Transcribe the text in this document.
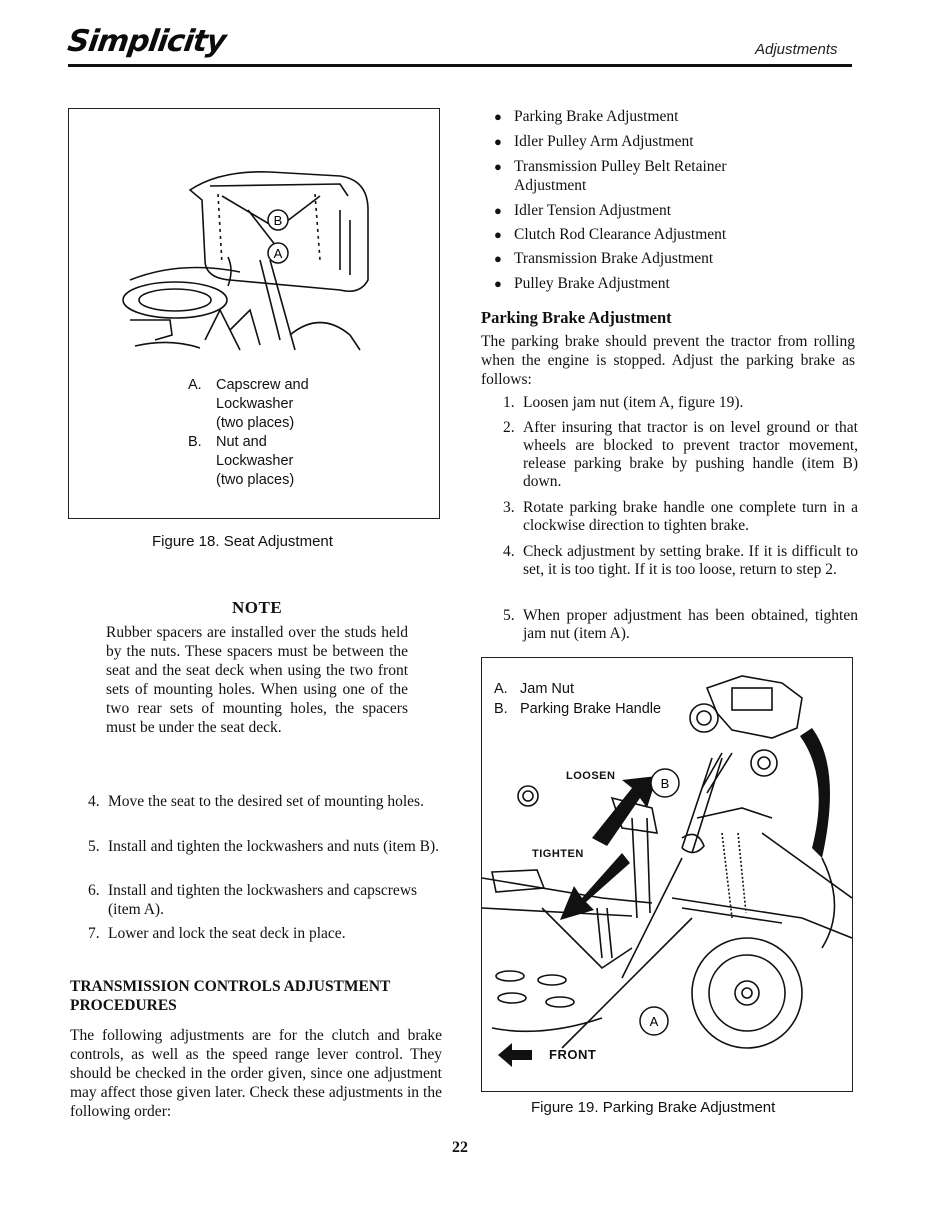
Simplicity	Adjustments
B
A
A. Capscrew and
Lockwasher
(two places)
B. Nut and
Lockwasher
(two places)
Figure 18. Seat Adjustment
NOTE
Rubber spacers are installed over the studs held by the nuts. These spacers must be between the seat and the seat deck when using the two front sets of mounting holes. When using one of the two rear sets of mounting holes, the spacers must be under the seat deck.
4. Move the seat to the desired set of mounting holes.
5. Install and tighten the lockwashers and nuts (item B).
6. Install and tighten the lockwashers and capscrews (item A).
7. Lower and lock the seat deck in place.
TRANSMISSION CONTROLS ADJUSTMENT PROCEDURES
The following adjustments are for the clutch and brake controls, as well as the speed range lever control. They should be checked in the order given, since one adjustment may affect those given later. Check these adjustments in the following order:
● Parking Brake Adjustment
● Idler Pulley Arm Adjustment
● Transmission Pulley Belt Retainer Adjustment
● Idler Tension Adjustment
● Clutch Rod Clearance Adjustment
● Transmission Brake Adjustment
● Pulley Brake Adjustment
Parking Brake Adjustment
The parking brake should prevent the tractor from rolling when the engine is stopped. Adjust the parking brake as follows:
1. Loosen jam nut (item A, figure 19).
2. After insuring that tractor is on level ground or that wheels are blocked to prevent tractor movement, release parking brake by pushing handle (item B) down.
3. Rotate parking brake handle one complete turn in a clockwise direction to tighten brake.
4. Check adjustment by setting brake. If it is difficult to set, it is too tight. If it is too loose, return to step 2.
5. When proper adjustment has been obtained, tighten jam nut (item A).
B
A
A. Jam Nut
B. Parking Brake Handle
LOOSEN
TIGHTEN
FRONT
Figure 19. Parking Brake Adjustment
22
